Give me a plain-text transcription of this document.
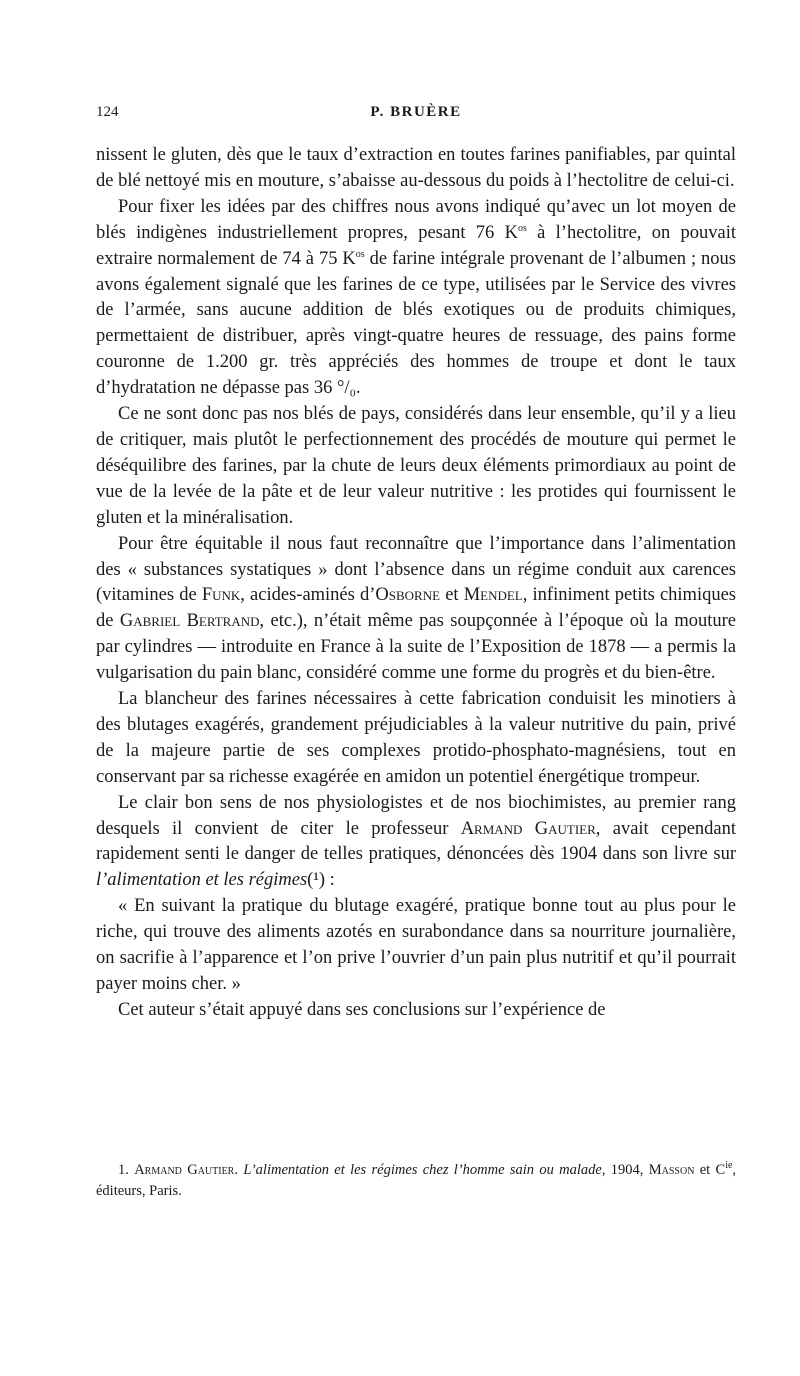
124	P. BRUÈRE

nissent le gluten, dès que le taux d’extraction en toutes farines panifiables, par quintal de blé nettoyé mis en mouture, s’abaisse au-dessous du poids à l’hectolitre de celui-ci.

Pour fixer les idées par des chiffres nous avons indiqué qu’avec un lot moyen de blés indigènes industriellement propres, pesant 76 $K^{os}$ à l’hectolitre, on pouvait extraire normalement de 74 à 75 $K^{os}$ de farine intégrale provenant de l’albumen ; nous avons également signalé que les farines de ce type, utilisées par le Service des vivres de l’armée, sans aucune addition de blés exotiques ou de produits chimiques, permettaient de distribuer, après vingt-quatre heures de ressuage, des pains forme couronne de 1.200 gr. très appréciés des hommes de troupe et dont le taux d’hydratation ne dépasse pas 36 °/₀.

Ce ne sont donc pas nos blés de pays, considérés dans leur ensemble, qu’il y a lieu de critiquer, mais plutôt le perfectionnement des procédés de mouture qui permet le déséquilibre des farines, par la chute de leurs deux éléments primordiaux au point de vue de la levée de la pâte et de leur valeur nutritive : les protides qui fournissent le gluten et la minéralisation.

Pour être équitable il nous faut reconnaître que l’importance dans l’alimentation des « substances systatiques » dont l’absence dans un régime conduit aux carences (vitamines de Funk, acides-aminés d’Osborne et Mendel, infiniment petits chimiques de Gabriel Bertrand, etc.), n’était même pas soupçonnée à l’époque où la mouture par cylindres — introduite en France à la suite de l’Exposition de 1878 — a permis la vulgarisation du pain blanc, considéré comme une forme du progrès et du bien-être.

La blancheur des farines nécessaires à cette fabrication conduisit les minotiers à des blutages exagérés, grandement préjudiciables à la valeur nutritive du pain, privé de la majeure partie de ses complexes protido-phosphato-magnésiens, tout en conservant par sa richesse exagérée en amidon un potentiel énergétique trompeur.

Le clair bon sens de nos physiologistes et de nos biochimistes, au premier rang desquels il convient de citer le professeur Armand Gautier, avait cependant rapidement senti le danger de telles pratiques, dénoncées dès 1904 dans son livre sur l’alimentation et les régimes(¹) :

« En suivant la pratique du blutage exagéré, pratique bonne tout au plus pour le riche, qui trouve des aliments azotés en surabondance dans sa nourriture journalière, on sacrifie à l’apparence et l’on prive l’ouvrier d’un pain plus nutritif et qu’il pourrait payer moins cher. »

Cet auteur s’était appuyé dans ses conclusions sur l’expérience de

1. Armand Gautier. L’alimentation et les régimes chez l’homme sain ou malade, 1904, Masson et $C^{ie}$, éditeurs, Paris.
